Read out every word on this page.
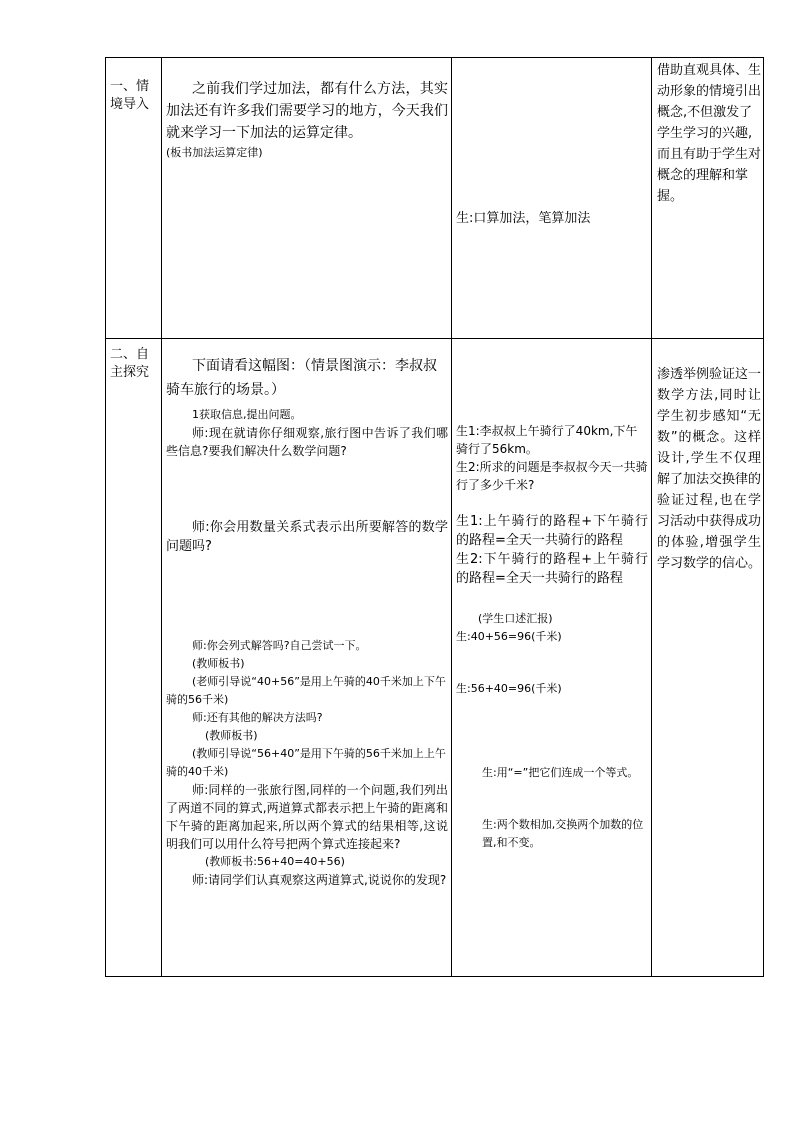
一、情境导入

之前我们学过加法，都有什么方法，其实加法还有许多我们需要学习的地方，今天我们就来学习一下加法的运算定律。

(板书加法运算定律)

生:口算加法，笔算加法
借助直观具体、生动形象的情境引出概念,不但激发了学生学习的兴趣,而且有助于学生对概念的理解和掌握。
二、自主探究	下面请看这幅图：（情景图演示：李叔叔骑车旅行的场景。）

1获取信息,提出问题。

师:现在就请你仔细观察,旅行图中告诉了我们哪些信息?要我们解决什么数学问题?

师:你会用数量关系式表示出所要解答的数学问题吗?

师:你会列式解答吗?自己尝试一下。

(教师板书)

(老师引导说“40+56”是用上午骑的40千米加上下午骑的56千米)

师:还有其他的解决方法吗?

(教师板书)

(教师引导说“56+40”是用下午骑的56千米加上上午骑的40千米)

师:同样的一张旅行图,同样的一个问题,我们列出了两道不同的算式,两道算式都表示把上午骑的距离和下午骑的距离加起来,所以两个算式的结果相等,这说明我们可以用什么符号把两个算式连接起来?

(教师板书:56+40=40+56)

师:请同学们认真观察这两道算式,说说你的发现?

生1:李叔叔上午骑行了40km,下午骑行了56km。

生2:所求的问题是李叔叔今天一共骑行了多少千米?

生1:上午骑行的路程+下午骑行的路程=全天一共骑行的路程

生2:下午骑行的路程+上午骑行的路程=全天一共骑行的路程

(学生口述汇报)

生:40+56=96(千米)

生:56+40=96(千米)

生:用“=”把它们连成一个等式。

生:两个数相加,交换两个加数的位置,和不变。

渗透举例验证这一数学方法,同时让学生初步感知“无数”的概念。这样设计,学生不仅理解了加法交换律的验证过程,也在学习活动中获得成功的体验,增强学生学习数学的信心。
